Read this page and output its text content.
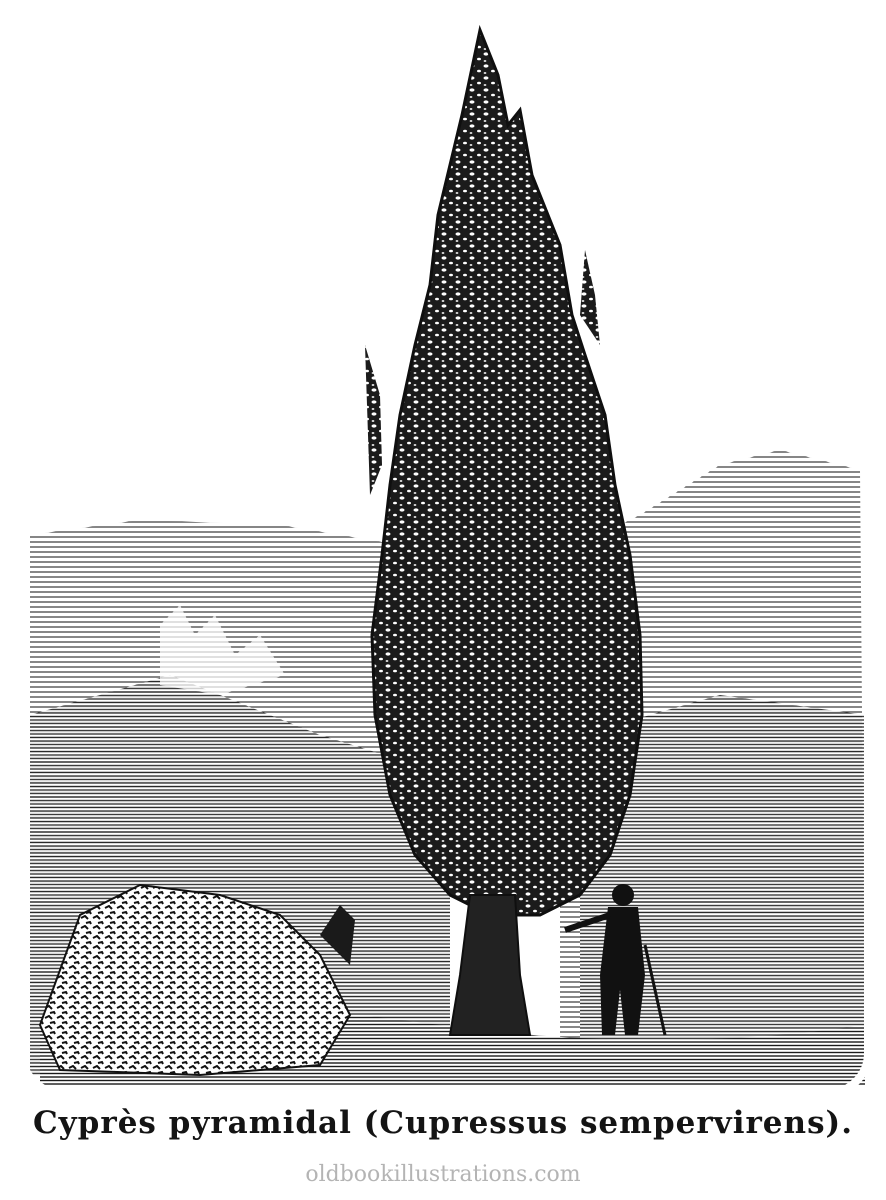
Cyprès pyramidal (Cupressus sempervirens).
oldbookillustrations.com
